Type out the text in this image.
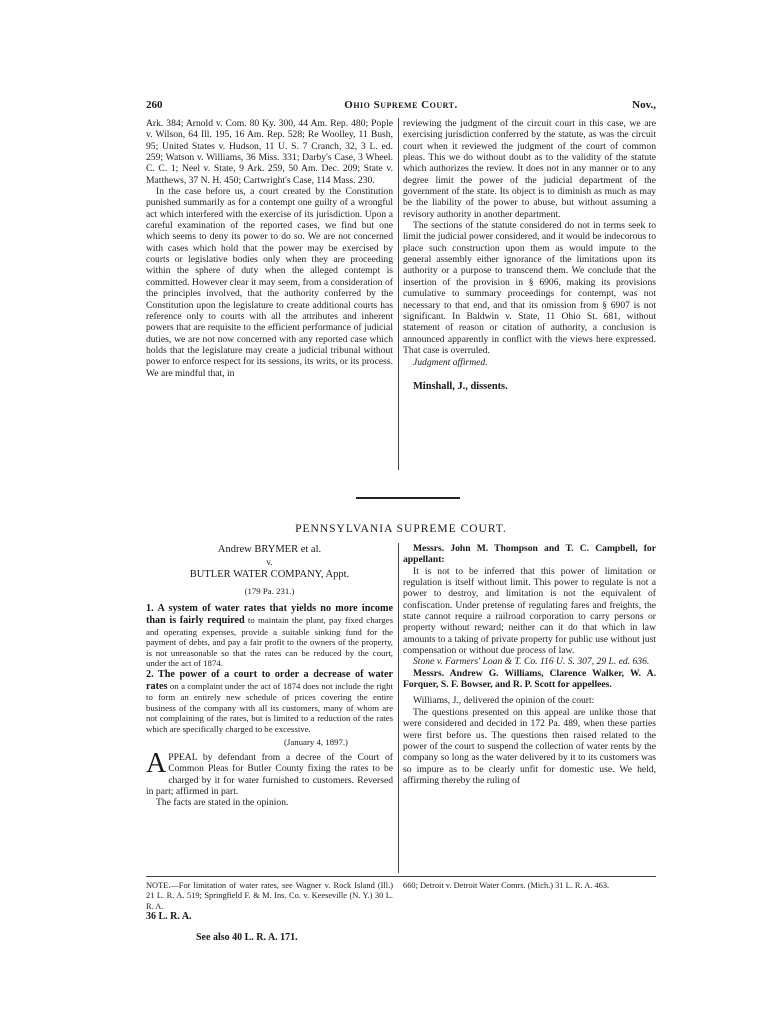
260	Ohio Supreme Court.	Nov.,

Ark. 384; Arnold v. Com. 80 Ky. 300, 44 Am. Rep. 480; Pople v. Wilson, 64 Ill. 195, 16 Am. Rep. 528; Re Woolley, 11 Bush, 95; United States v. Hudson, 11 U. S. 7 Cranch, 32, 3 L. ed. 259; Watson v. Williams, 36 Miss. 331; Darby's Case, 3 Wheel. C. C. 1; Neel v. State, 9 Ark. 259, 50 Am. Dec. 209; State v. Matthews, 37 N. H. 450; Cartwright's Case, 114 Mass. 230.

In the case before us, a court created by the Constitution punished summarily as for a contempt one guilty of a wrongful act which interfered with the exercise of its jurisdiction. Upon a careful examination of the reported cases, we find but one which seems to deny its power to do so. We are not concerned with cases which hold that the power may be exercised by courts or legislative bodies only when they are proceeding within the sphere of duty when the alleged contempt is committed. However clear it may seem, from a consideration of the principles involved, that the authority conferred by the Constitution upon the legislature to create additional courts has reference only to courts with all the attributes and inherent powers that are requisite to the efficient performance of judicial duties, we are not now concerned with any reported case which holds that the legislature may create a judicial tribunal without power to enforce respect for its sessions, its writs, or its process. We are mindful that, in

reviewing the judgment of the circuit court in this case, we are exercising jurisdiction conferred by the statute, as was the circuit court when it reviewed the judgment of the court of common pleas. This we do without doubt as to the validity of the statute which authorizes the review. It does not in any manner or to any degree limit the power of the judicial department of the government of the state. Its object is to diminish as much as may be the liability of the power to abuse, but without assuming a revisory authority in another department.

The sections of the statute considered do not in terms seek to limit the judicial power considered, and it would be indecorous to place such construction upon them as would impute to the general assembly either ignorance of the limitations upon its authority or a purpose to transcend them. We conclude that the insertion of the provision in § 6906, making its provisions cumulative to summary proceedings for contempt, was not necessary to that end, and that its omission from § 6907 is not significant. In Baldwin v. State, 11 Ohio St. 681, without statement of reason or citation of authority, a conclusion is announced apparently in conflict with the views here expressed. That case is overruled.

Judgment affirmed.

Minshall, J., dissents.

PENNSYLVANIA SUPREME COURT.

Andrew BRYMER et al.

v.

BUTLER WATER COMPANY, Appt.

(179 Pa. 231.)

1. A system of water rates that yields no more income than is fairly required to maintain the plant, pay fixed charges and operating expenses, provide a suitable sinking fund for the payment of debts, and pay a fair profit to the owners of the property, is not unreasonable so that the rates can be reduced by the court, under the act of 1874.

2. The power of a court to order a decrease of water rates on a complaint under the act of 1874 does not include the right to form an entirely new schedule of prices covering the entire business of the company with all its customers, many of whom are not complaining of the rates, but is limited to a reduction of the rates which are specifically charged to be excessive.

(January 4, 1897.)

APPEAL by defendant from a decree of the Court of Common Pleas for Butler County fixing the rates to be charged by it for water furnished to customers. Reversed in part; affirmed in part.

The facts are stated in the opinion.

Messrs. John M. Thompson and T. C. Campbell, for appellant:

It is not to be inferred that this power of limitation or regulation is itself without limit. This power to regulate is not a power to destroy, and limitation is not the equivalent of confiscation. Under pretense of regulating fares and freights, the state cannot require a railroad corporation to carry persons or property without reward; neither can it do that which in law amounts to a taking of private property for public use without just compensation or without due process of law.

Stone v. Farmers' Loan & T. Co. 116 U. S. 307, 29 L. ed. 636.

Messrs. Andrew G. Williams, Clarence Walker, W. A. Forquer, S. F. Bowser, and R. P. Scott for appellees.

Williams, J., delivered the opinion of the court:

The questions presented on this appeal are unlike those that were considered and decided in 172 Pa. 489, when these parties were first before us. The questions then raised related to the power of the court to suspend the collection of water rents by the company so long as the water delivered by it to its customers was so impure as to be clearly unfit for domestic use. We held, affirming thereby the ruling of

NOTE.—For limitation of water rates, see Wagner v. Rock Island (Ill.) 21 L. R. A. 519; Springfield F. & M. Ins. Co. v. Keeseville (N. Y.) 30 L. R. A.
660; Detroit v. Detroit Water Comrs. (Mich.) 31 L. R. A. 463.
36 L. R. A.
See also 40 L. R. A. 171.
